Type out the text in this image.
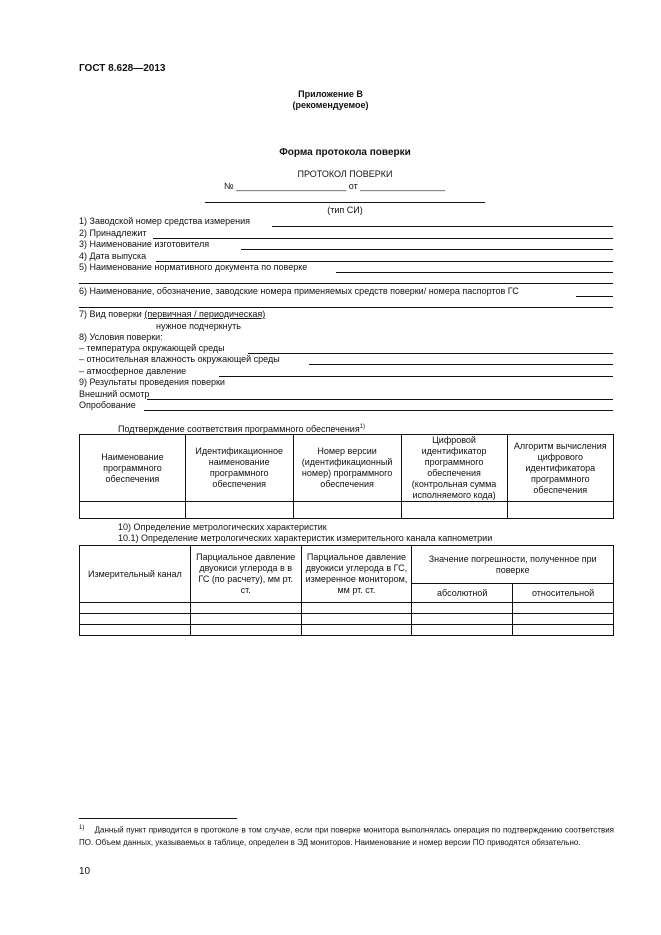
ГОСТ 8.628—2013
Приложение В
(рекомендуемое)
Форма протокола поверки
ПРОТОКОЛ ПОВЕРКИ
№ ______________________ от _________________
(тип СИ)
1) Заводской номер средства измерения
2) Принадлежит
3) Наименование изготовителя
4) Дата выпуска
5) Наименование нормативного документа по поверке
6) Наименование, обозначение, заводские номера применяемых средств поверки/ номера паспортов ГС
7) Вид поверки (первичная / периодическая)
нужное подчеркнуть
8) Условия поверки:
– температура окружающей среды
– относительная влажность окружающей среды
– атмосферное давление
9) Результаты проведения поверки
Внешний осмотр
Опробование
Подтверждение соответствия программного обеспечения$^{1)}$
Наименование программного обеспечения	Идентификационное наименование программного обеспечения	Номер версии (идентификационный номер) программного обеспечения	Цифровой идентификатор программного обеспечения (контрольная сумма исполняемого кода)	Алгоритм вычисления цифрового идентификатора программного обеспечения

10) Определение метрологических характеристик
10.1) Определение метрологических характеристик измерительного канала капнометрии
Измерительный канал	Парциальное давление двуокиси углерода в в ГС (по расчету), мм рт. ст.	Парциальное давление двуокиси углерода в ГС, измеренное монитором, мм рт. ст.	Значение погрешности, полученное при поверке	
			абсолютной	относительной

$^{1)}$ Данный пункт приводится в протоколе в том случае, если при поверке монитора выполнялась операция по подтверждению соответствия ПО. Объем данных, указываемых в таблице, определен в ЭД мониторов. Наименование и номер версии ПО приводятся обязательно.
10
